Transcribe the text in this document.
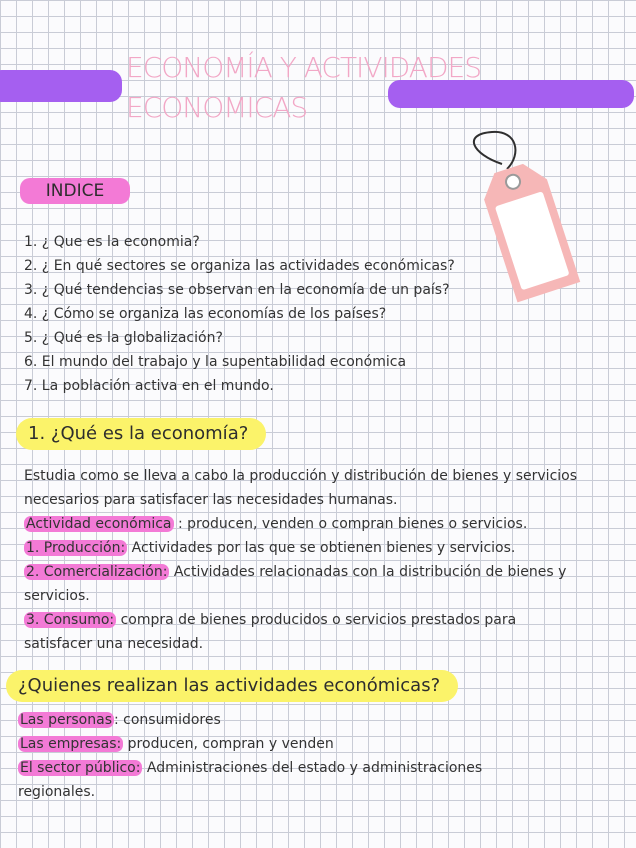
ECONOMÍA Y ACTIVIDADES
ECONOMICAS
INDICE
1. ¿ Que es la economia?
2. ¿ En qué sectores se organiza las actividades económicas?
3. ¿ Qué tendencias se observan en la economía de un país?
4. ¿ Cómo se organiza las economías de los países?
5. ¿ Qué es la globalización?
6. El mundo del trabajo y la supentabilidad económica
7. La población activa en el mundo.
1. ¿Qué es la economía?

Estudia como se lleva a cabo la producción y distribución de bienes y servicios necesarios para satisfacer las necesidades humanas.

Actividad económica : producen, venden o compran bienes o servicios.

1. Producción: Actividades por las que se obtienen bienes y servicios.

2. Comercialización: Actividades relacionadas con la distribución de bienes y servicios.

3. Consumo: compra de bienes producidos o servicios prestados para satisfacer una necesidad.

¿Quienes realizan las actividades económicas?

Las personas : consumidores

Las empresas: producen, compran y venden

El sector público: Administraciones del estado y administraciones regionales.
